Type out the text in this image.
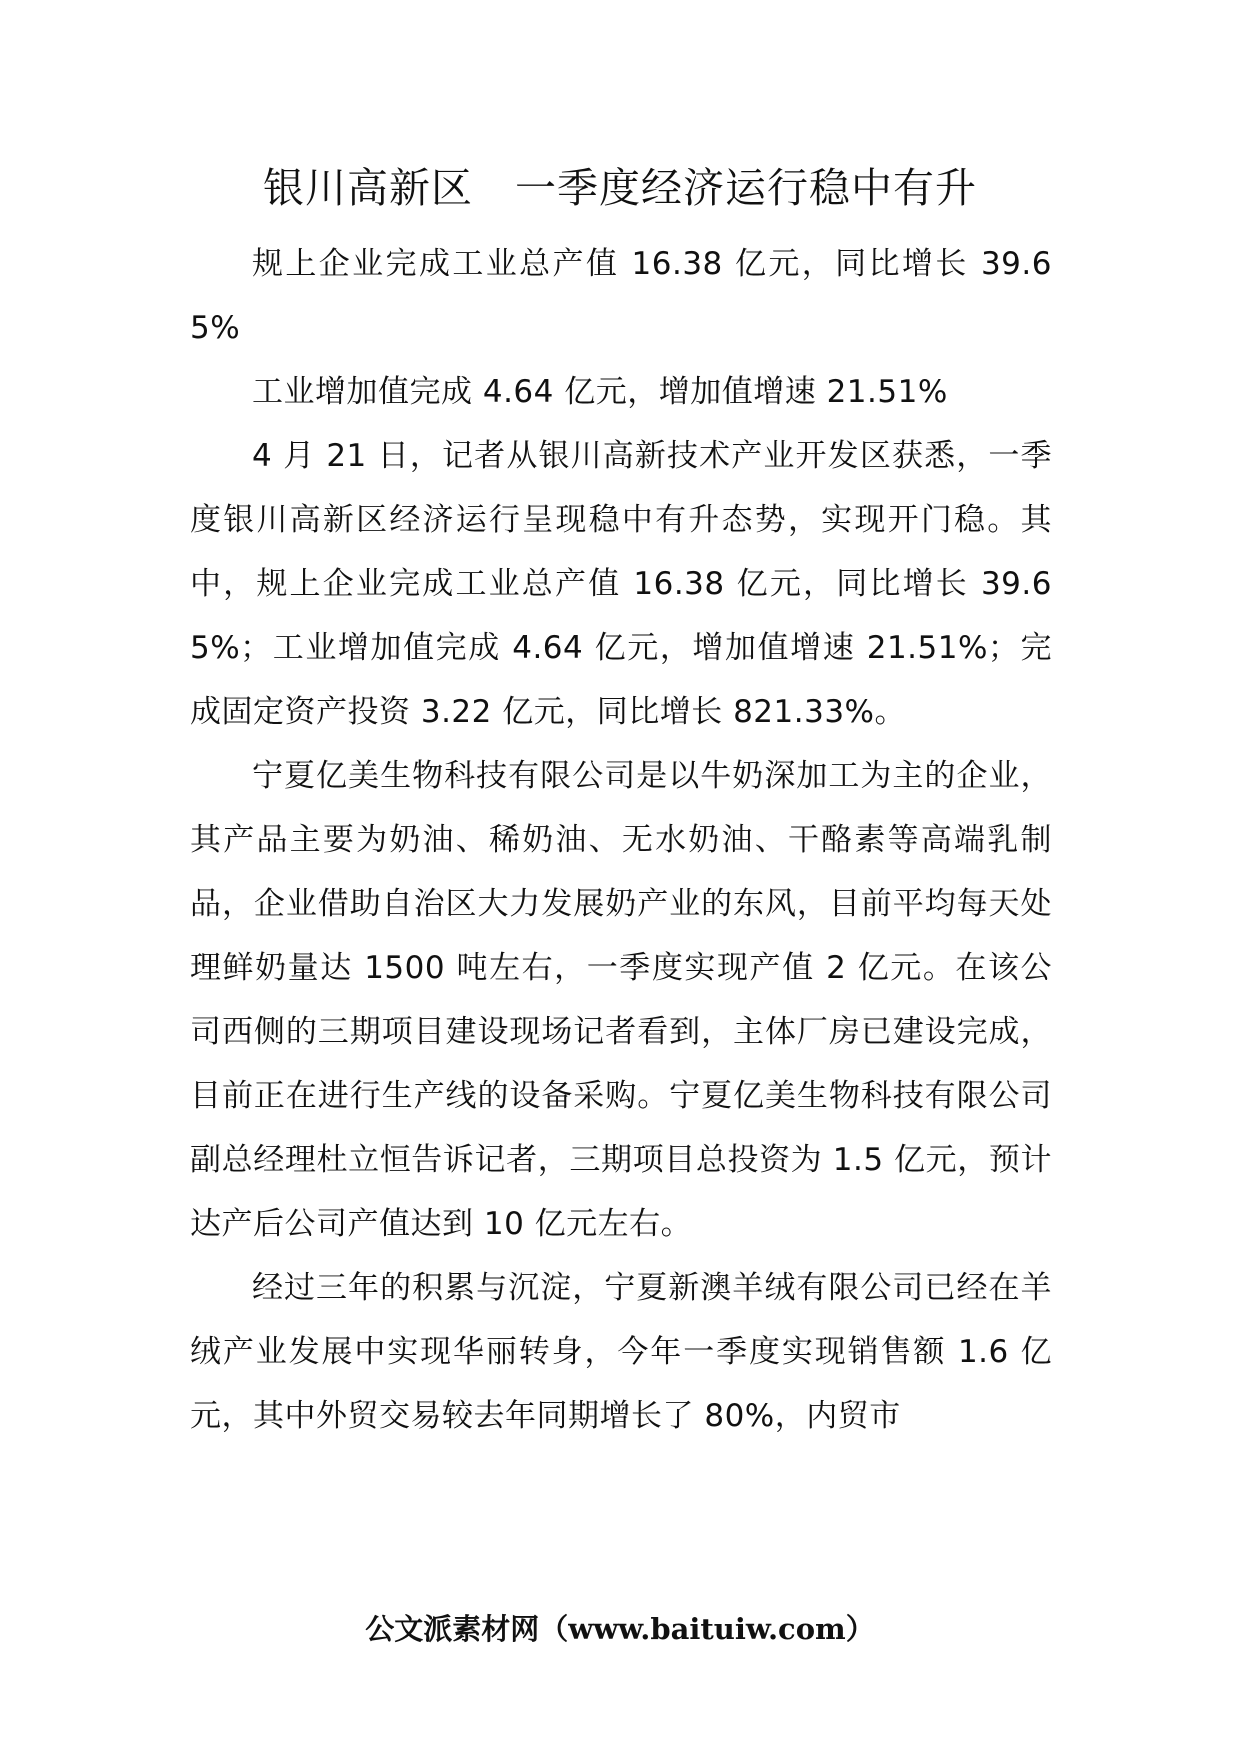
银川高新区　一季度经济运行稳中有升

规上企业完成工业总产值 16.38 亿元，同比增长 39.65%

工业增加值完成 4.64 亿元，增加值增速 21.51%

4 月 21 日，记者从银川高新技术产业开发区获悉，一季度银川高新区经济运行呈现稳中有升态势，实现开门稳。其中，规上企业完成工业总产值 16.38 亿元，同比增长 39.65%；工业增加值完成 4.64 亿元，增加值增速 21.51%；完成固定资产投资 3.22 亿元，同比增长 821.33%。

宁夏亿美生物科技有限公司是以牛奶深加工为主的企业，其产品主要为奶油、稀奶油、无水奶油、干酪素等高端乳制品，企业借助自治区大力发展奶产业的东风，目前平均每天处理鲜奶量达 1500 吨左右，一季度实现产值 2 亿元。在该公司西侧的三期项目建设现场记者看到，主体厂房已建设完成，目前正在进行生产线的设备采购。宁夏亿美生物科技有限公司副总经理杜立恒告诉记者，三期项目总投资为 1.5 亿元，预计达产后公司产值达到 10 亿元左右。

经过三年的积累与沉淀，宁夏新澳羊绒有限公司已经在羊绒产业发展中实现华丽转身，今年一季度实现销售额 1.6 亿元，其中外贸交易较去年同期增长了 80%，内贸市

公文派素材网（www.baituiw.com）
